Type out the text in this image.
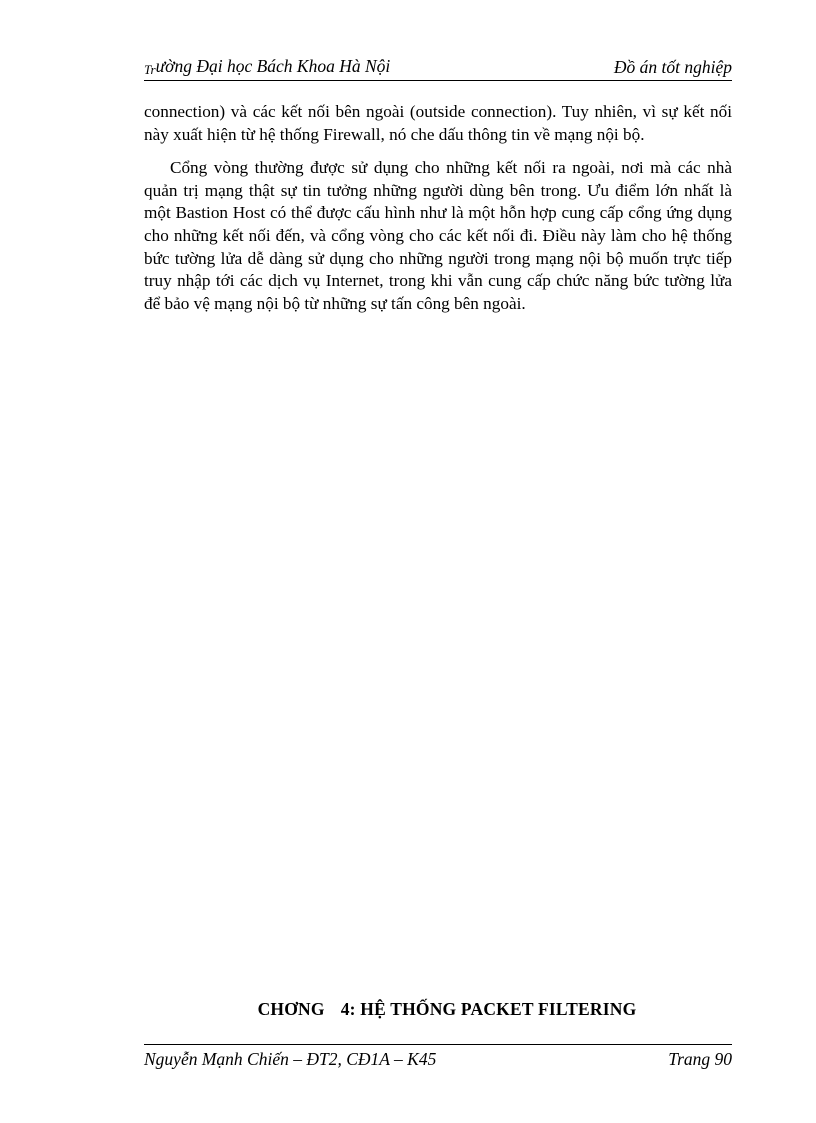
Trường Đại học Bách Khoa Hà Nội	Đồ án tốt nghiệp

connection) và các kết nối bên ngoài (outside connection). Tuy nhiên, vì sự kết nối này xuất hiện từ hệ thống Firewall, nó che dấu thông tin về mạng nội bộ.

Cổng vòng thường được sử dụng cho những kết nối ra ngoài, nơi mà các nhà quản trị mạng thật sự tin tưởng những người dùng bên trong. Ưu điểm lớn nhất là một Bastion Host có thể được cấu hình như là một hỗn hợp cung cấp cổng ứng dụng cho những kết nối đến, và cổng vòng cho các kết nối đi. Điều này làm cho hệ thống bức tường lửa dễ dàng sử dụng cho những người trong mạng nội bộ muốn trực tiếp truy nhập tới các dịch vụ Internet, trong khi vẫn cung cấp chức năng bức tường lửa để bảo vệ mạng nội bộ từ những sự tấn công bên ngoài.

CHƠNG 4: HỆ THỐNG PACKET FILTERING
Nguyễn Mạnh Chiến – ĐT2, CĐ1A – K45	Trang 90
